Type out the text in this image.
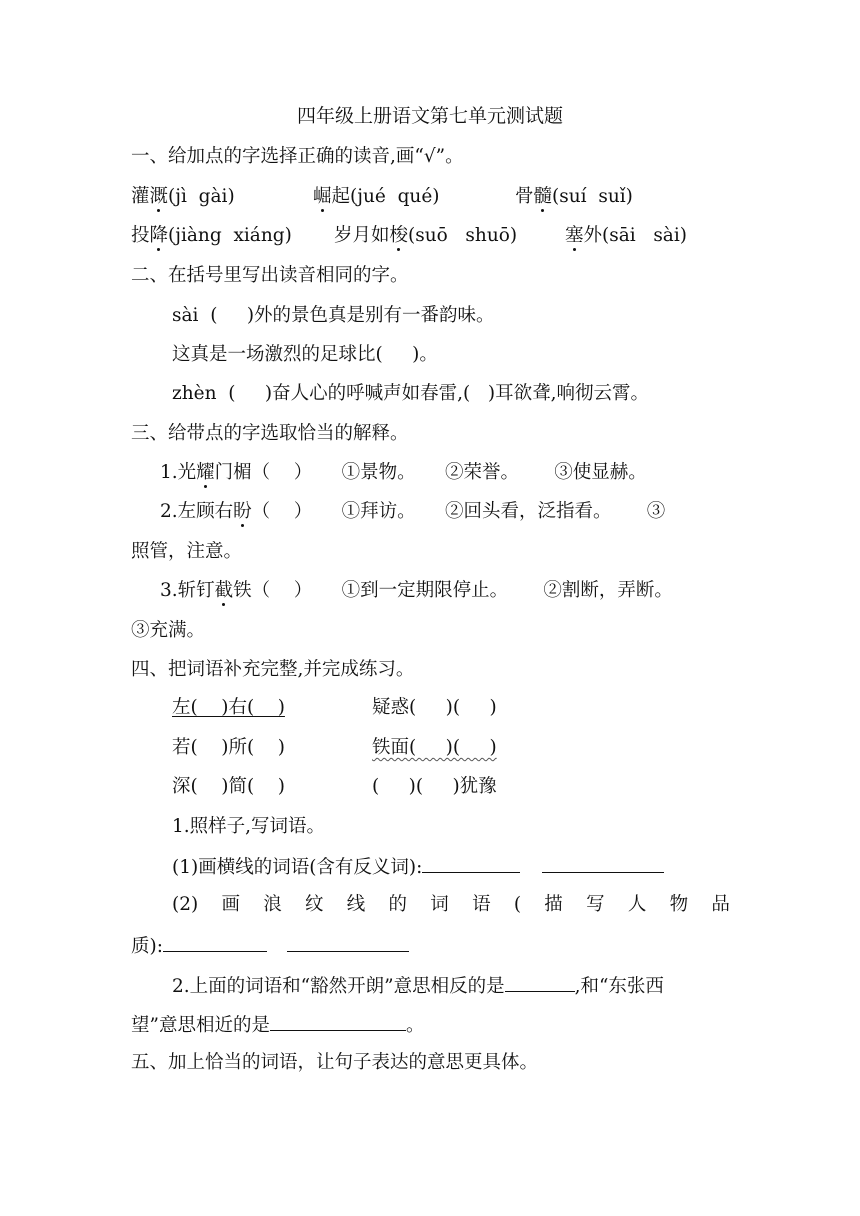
四年级上册语文第七单元测试题
一、给加点的字选择正确的读音,画“√”。
灌溉(jì  gài)	崛起(jué  qué)	骨髓(suí  suǐ)
投降(jiàng  xiáng) 岁月如梭(suō   shuō)	塞外(sāi   sài)
二、在括号里写出读音相同的字。
sài  (     )外的景色真是别有一番韵味。
这真是一场激烈的足球比(     )。
zhèn  (     )奋人心的呼喊声如春雷,(   )耳欲聋,响彻云霄。
三、给带点的字选取恰当的解释。
1.光耀门楣（    ）     ①景物。     ②荣誉。      ③使显赫。
2.左顾右盼（    ）     ①拜访。     ②回头看，泛指看。      ③
照管，注意。
3.斩钉截铁（    ）     ①到一定期限停止。      ②割断，弄断。
③充满。
四、把词语补充完整,并完成练习。
左(    )右(    )	疑惑(     )(     )
若(    )所(    )	铁面(     )(     )
深(    )简(    )	(     )(     )犹豫
1.照样子,写词语。
(1)画横线的词语(含有反义词):
(2) 画 浪 纹 线 的 词 语 ( 描 写 人 物 品
质):
2.上面的词语和“豁然开朗”意思相反的是	,和“东张西
望”意思相近的是	。
五、加上恰当的词语，让句子表达的意思更具体。
